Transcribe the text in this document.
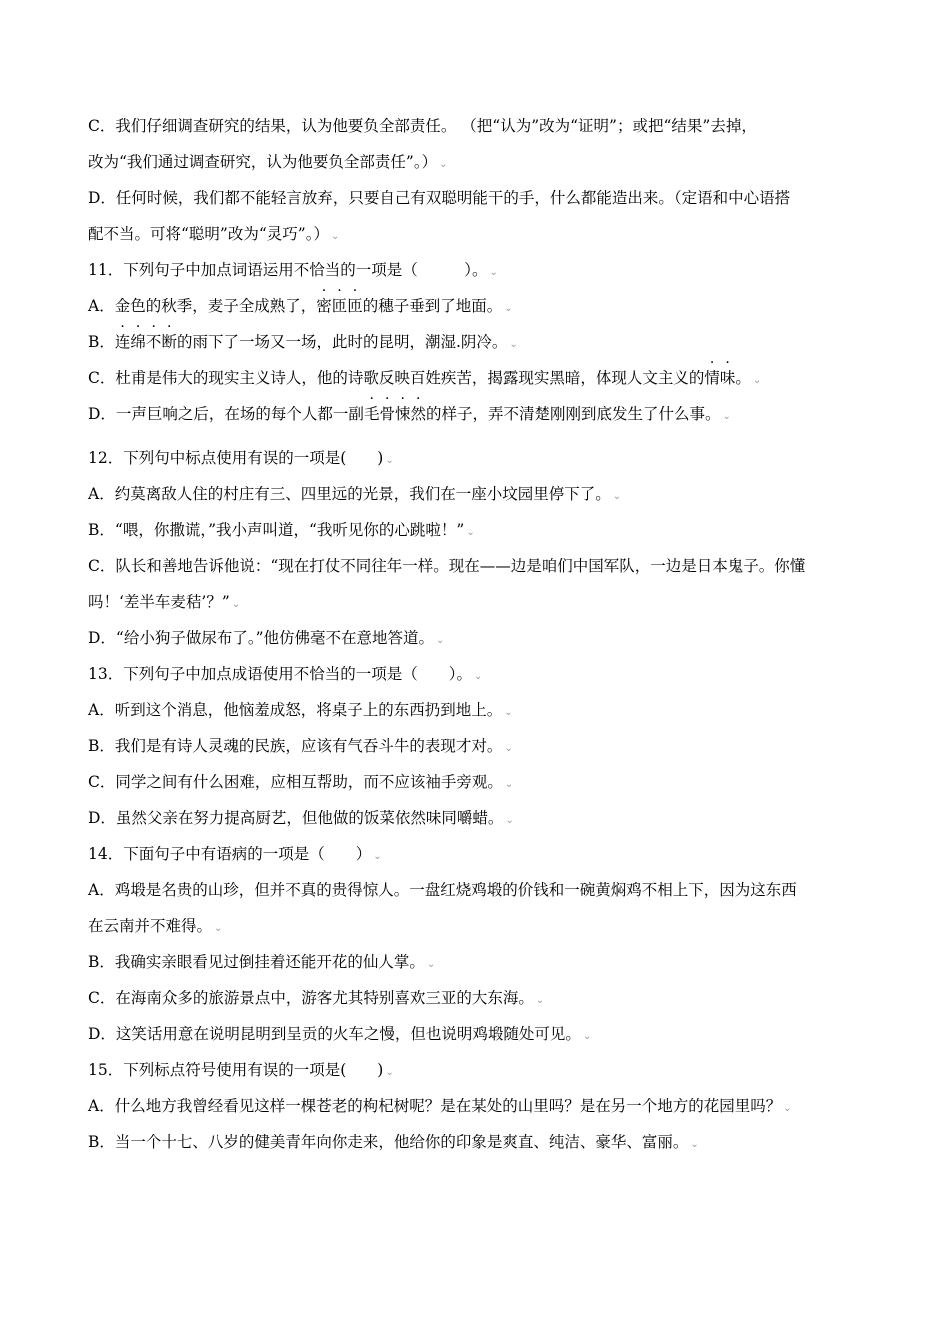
C．我们仔细调查研究的结果，认为他要负全部责任。 （把“认为”改为“证明”；或把“结果”去掉，
改为“我们通过调查研究，认为他要负全部责任”。） ⌄
D．任何时候，我们都不能轻言放弃，只要自己有双聪明能干的手，什么都能造出来。（定语和中心语搭
配不当。可将“聪明”改为“灵巧”。） ⌄
11．下列句子中加点词语运用不恰当的一项是（　　　）。 ⌄
A．金色的秋季，麦子全成熟了，密匝匝的穗子垂到了地面。 ⌄
B．连绵不断的雨下了一场又一场，此时的昆明，潮湿.阴冷。 ⌄
C．杜甫是伟大的现实主义诗人，他的诗歌反映百姓疾苦，揭露现实黑暗，体现人文主义的情味。 ⌄
D．一声巨响之后，在场的每个人都一副毛骨悚然的样子，弄不清楚刚刚到底发生了什么事。 ⌄
12．下列句中标点使用有误的一项是(　　) ⌄
A．约莫离敌人住的村庄有三、四里远的光景，我们在一座小坟园里停下了。 ⌄
B．“喂，你撒谎，”我小声叫道，“我听见你的心跳啦！” ⌄
C．队长和善地告诉他说：“现在打仗不同往年一样。现在——边是咱们中国军队，一边是日本鬼子。你懂
吗！‘差半车麦秸’？” ⌄
D．“给小狗子做尿布了。”他仿佛毫不在意地答道。 ⌄
13．下列句子中加点成语使用不恰当的一项是（　　）。 ⌄
A．听到这个消息，他恼羞成怒，将桌子上的东西扔到地上。 ⌄
B．我们是有诗人灵魂的民族，应该有气吞斗牛的表现才对。 ⌄
C．同学之间有什么困难，应相互帮助，而不应该袖手旁观。 ⌄
D．虽然父亲在努力提高厨艺，但他做的饭菜依然味同嚼蜡。 ⌄
14．下面句子中有语病的一项是（　　） ⌄
A．鸡塅是名贵的山珍，但并不真的贵得惊人。一盘红烧鸡塅的价钱和一碗黄焖鸡不相上下，因为这东西
在云南并不难得。 ⌄
B．我确实亲眼看见过倒挂着还能开花的仙人掌。 ⌄
C．在海南众多的旅游景点中，游客尤其特别喜欢三亚的大东海。 ⌄
D．这笑话用意在说明昆明到呈贡的火车之慢，但也说明鸡塅随处可见。 ⌄
15．下列标点符号使用有误的一项是(　　) ⌄
A．什么地方我曾经看见这样一棵苍老的枸杞树呢？是在某处的山里吗？是在另一个地方的花园里吗？ ⌄
B．当一个十七、八岁的健美青年向你走来，他给你的印象是爽直、纯洁、豪华、富丽。 ⌄
